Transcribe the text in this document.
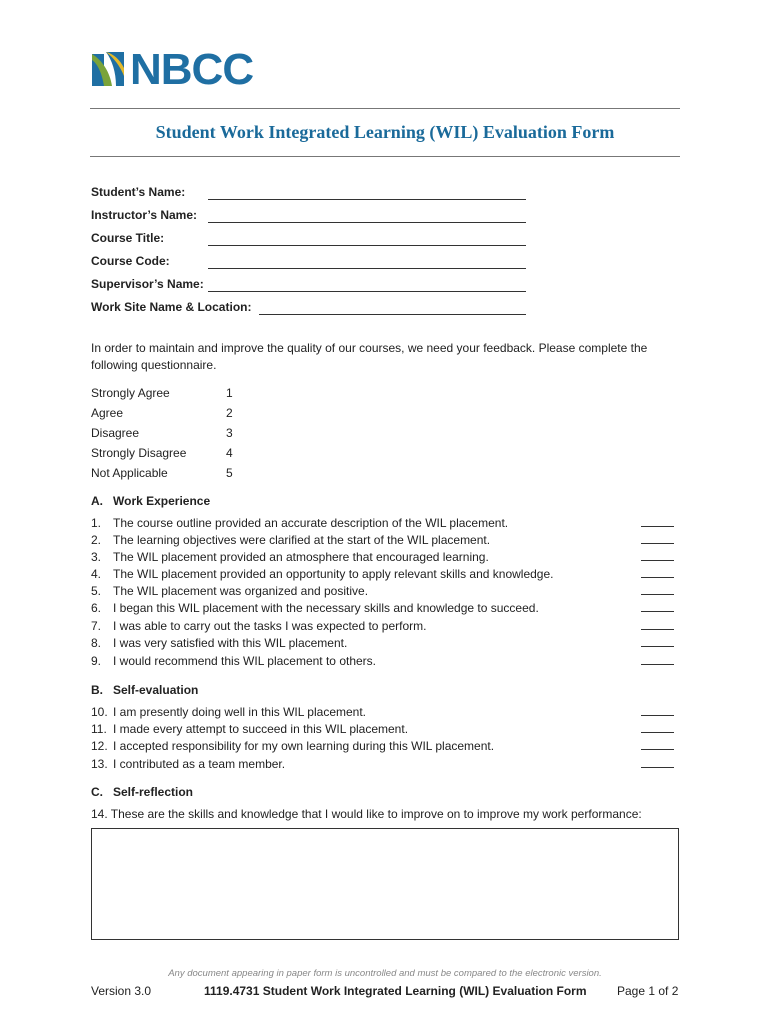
NBCC
Student Work Integrated Learning (WIL) Evaluation Form
Student’s Name:
Instructor’s Name:
Course Title:
Course Code:
Supervisor’s Name:
Work Site Name & Location:
In order to maintain and improve the quality of our courses, we need your feedback. Please complete the following questionnaire.
Strongly Agree	1
Agree	2
Disagree	3
Strongly Disagree	4
Not Applicable	5
A. Work Experience
1. The course outline provided an accurate description of the WIL placement.
2. The learning objectives were clarified at the start of the WIL placement.
3. The WIL placement provided an atmosphere that encouraged learning.
4. The WIL placement provided an opportunity to apply relevant skills and knowledge.
5. The WIL placement was organized and positive.
6. I began this WIL placement with the necessary skills and knowledge to succeed.
7. I was able to carry out the tasks I was expected to perform.
8. I was very satisfied with this WIL placement.
9. I would recommend this WIL placement to others.
B. Self-evaluation
10. I am presently doing well in this WIL placement.
11. I made every attempt to succeed in this WIL placement.
12. I accepted responsibility for my own learning during this WIL placement.
13. I contributed as a team member.
C. Self-reflection
14. These are the skills and knowledge that I would like to improve on to improve my work performance:
Any document appearing in paper form is uncontrolled and must be compared to the electronic version.
Version 3.0	1119.4731 Student Work Integrated Learning (WIL) Evaluation Form	Page 1 of 2
